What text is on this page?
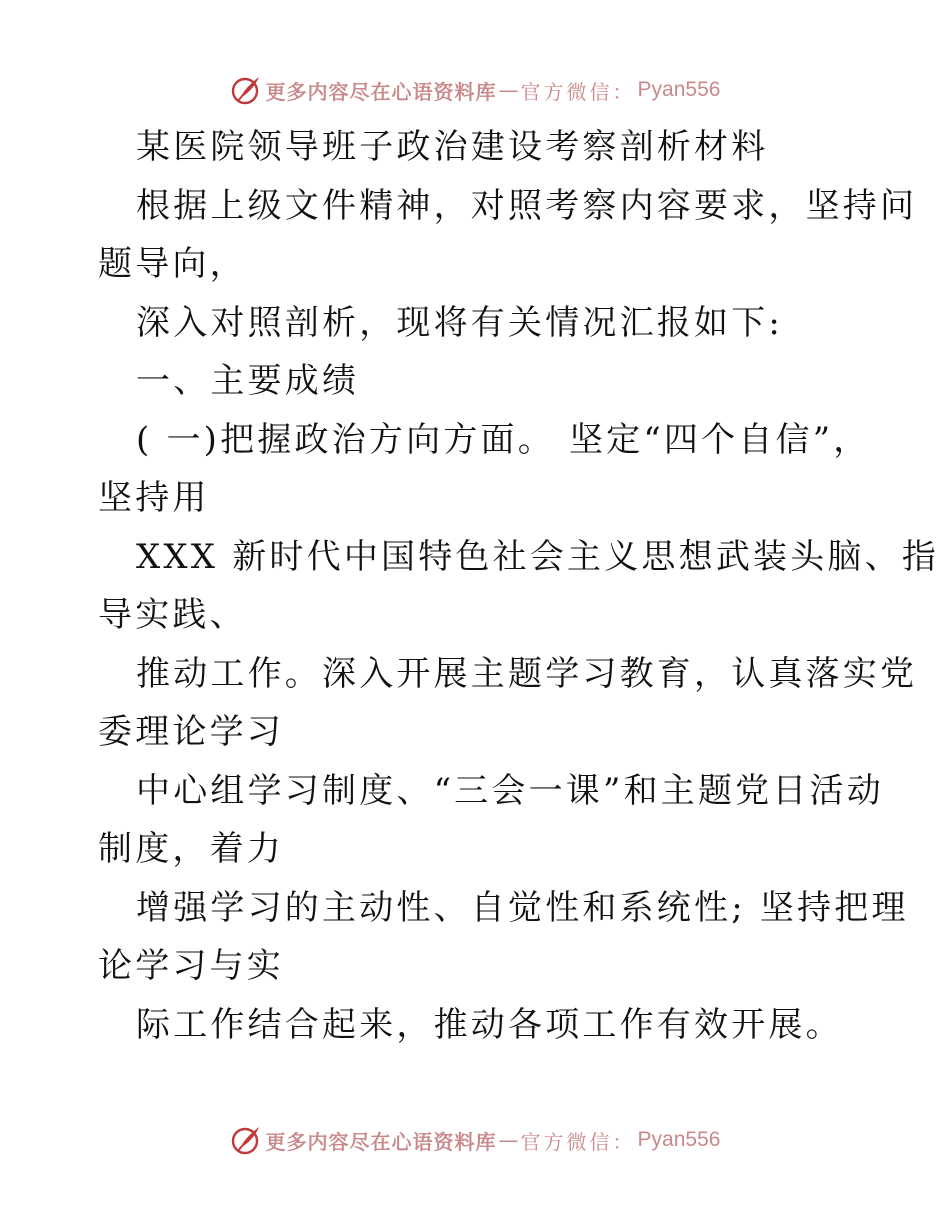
更多内容尽在心语资料库 — 官方微信： Pyan556
某医院领导班子政治建设考察剖析材料
根据上级文件精神，对照考察内容要求，坚持问
题导向，
深入对照剖析，现将有关情况汇报如下:
一、主要成绩
( 一)把握政治方向方面。 坚定“四个自信”，
坚持用
XXX 新时代中国特色社会主义思想武装头脑、指
导实践、
推动工作。深入开展主题学习教育，认真落实党
委理论学习
中心组学习制度、“三会一课”和主题党日活动
制度，着力
增强学习的主动性、自觉性和系统性; 坚持把理
论学习与实
际工作结合起来，推动各项工作有效开展。
更多内容尽在心语资料库 — 官方微信： Pyan556
